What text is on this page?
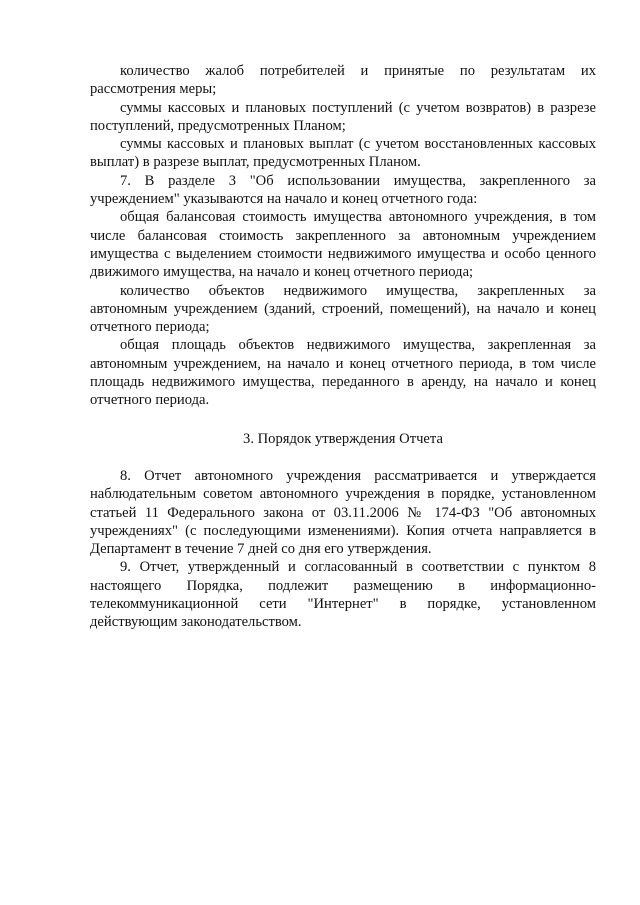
количество жалоб потребителей и принятые по результатам их рассмотрения меры;

суммы кассовых и плановых поступлений (с учетом возвратов) в разрезе поступлений, предусмотренных Планом;

суммы кассовых и плановых выплат (с учетом восстановленных кассовых выплат) в разрезе выплат, предусмотренных Планом.

7. В разделе 3 "Об использовании имущества, закрепленного за учреждением" указываются на начало и конец отчетного года:

общая балансовая стоимость имущества автономного учреждения, в том числе балансовая стоимость закрепленного за автономным учреждением имущества с выделением стоимости недвижимого имущества и особо ценного движимого имущества, на начало и конец отчетного периода;

количество объектов недвижимого имущества, закрепленных за автономным учреждением (зданий, строений, помещений), на начало и конец отчетного периода;

общая площадь объектов недвижимого имущества, закрепленная за автономным учреждением, на начало и конец отчетного периода, в том числе площадь недвижимого имущества, переданного в аренду, на начало и конец отчетного периода.

3. Порядок утверждения Отчета

8. Отчет автономного учреждения рассматривается и утверждается наблюдательным советом автономного учреждения в порядке, установленном статьей 11 Федерального закона от 03.11.2006 № 174-ФЗ "Об автономных учреждениях" (с последующими изменениями). Копия отчета направляется в Департамент в течение 7 дней со дня его утверждения.

9. Отчет, утвержденный и согласованный в соответствии с пунктом 8 настоящего Порядка, подлежит размещению в информационно-телекоммуникационной сети "Интернет" в порядке, установленном действующим законодательством.
